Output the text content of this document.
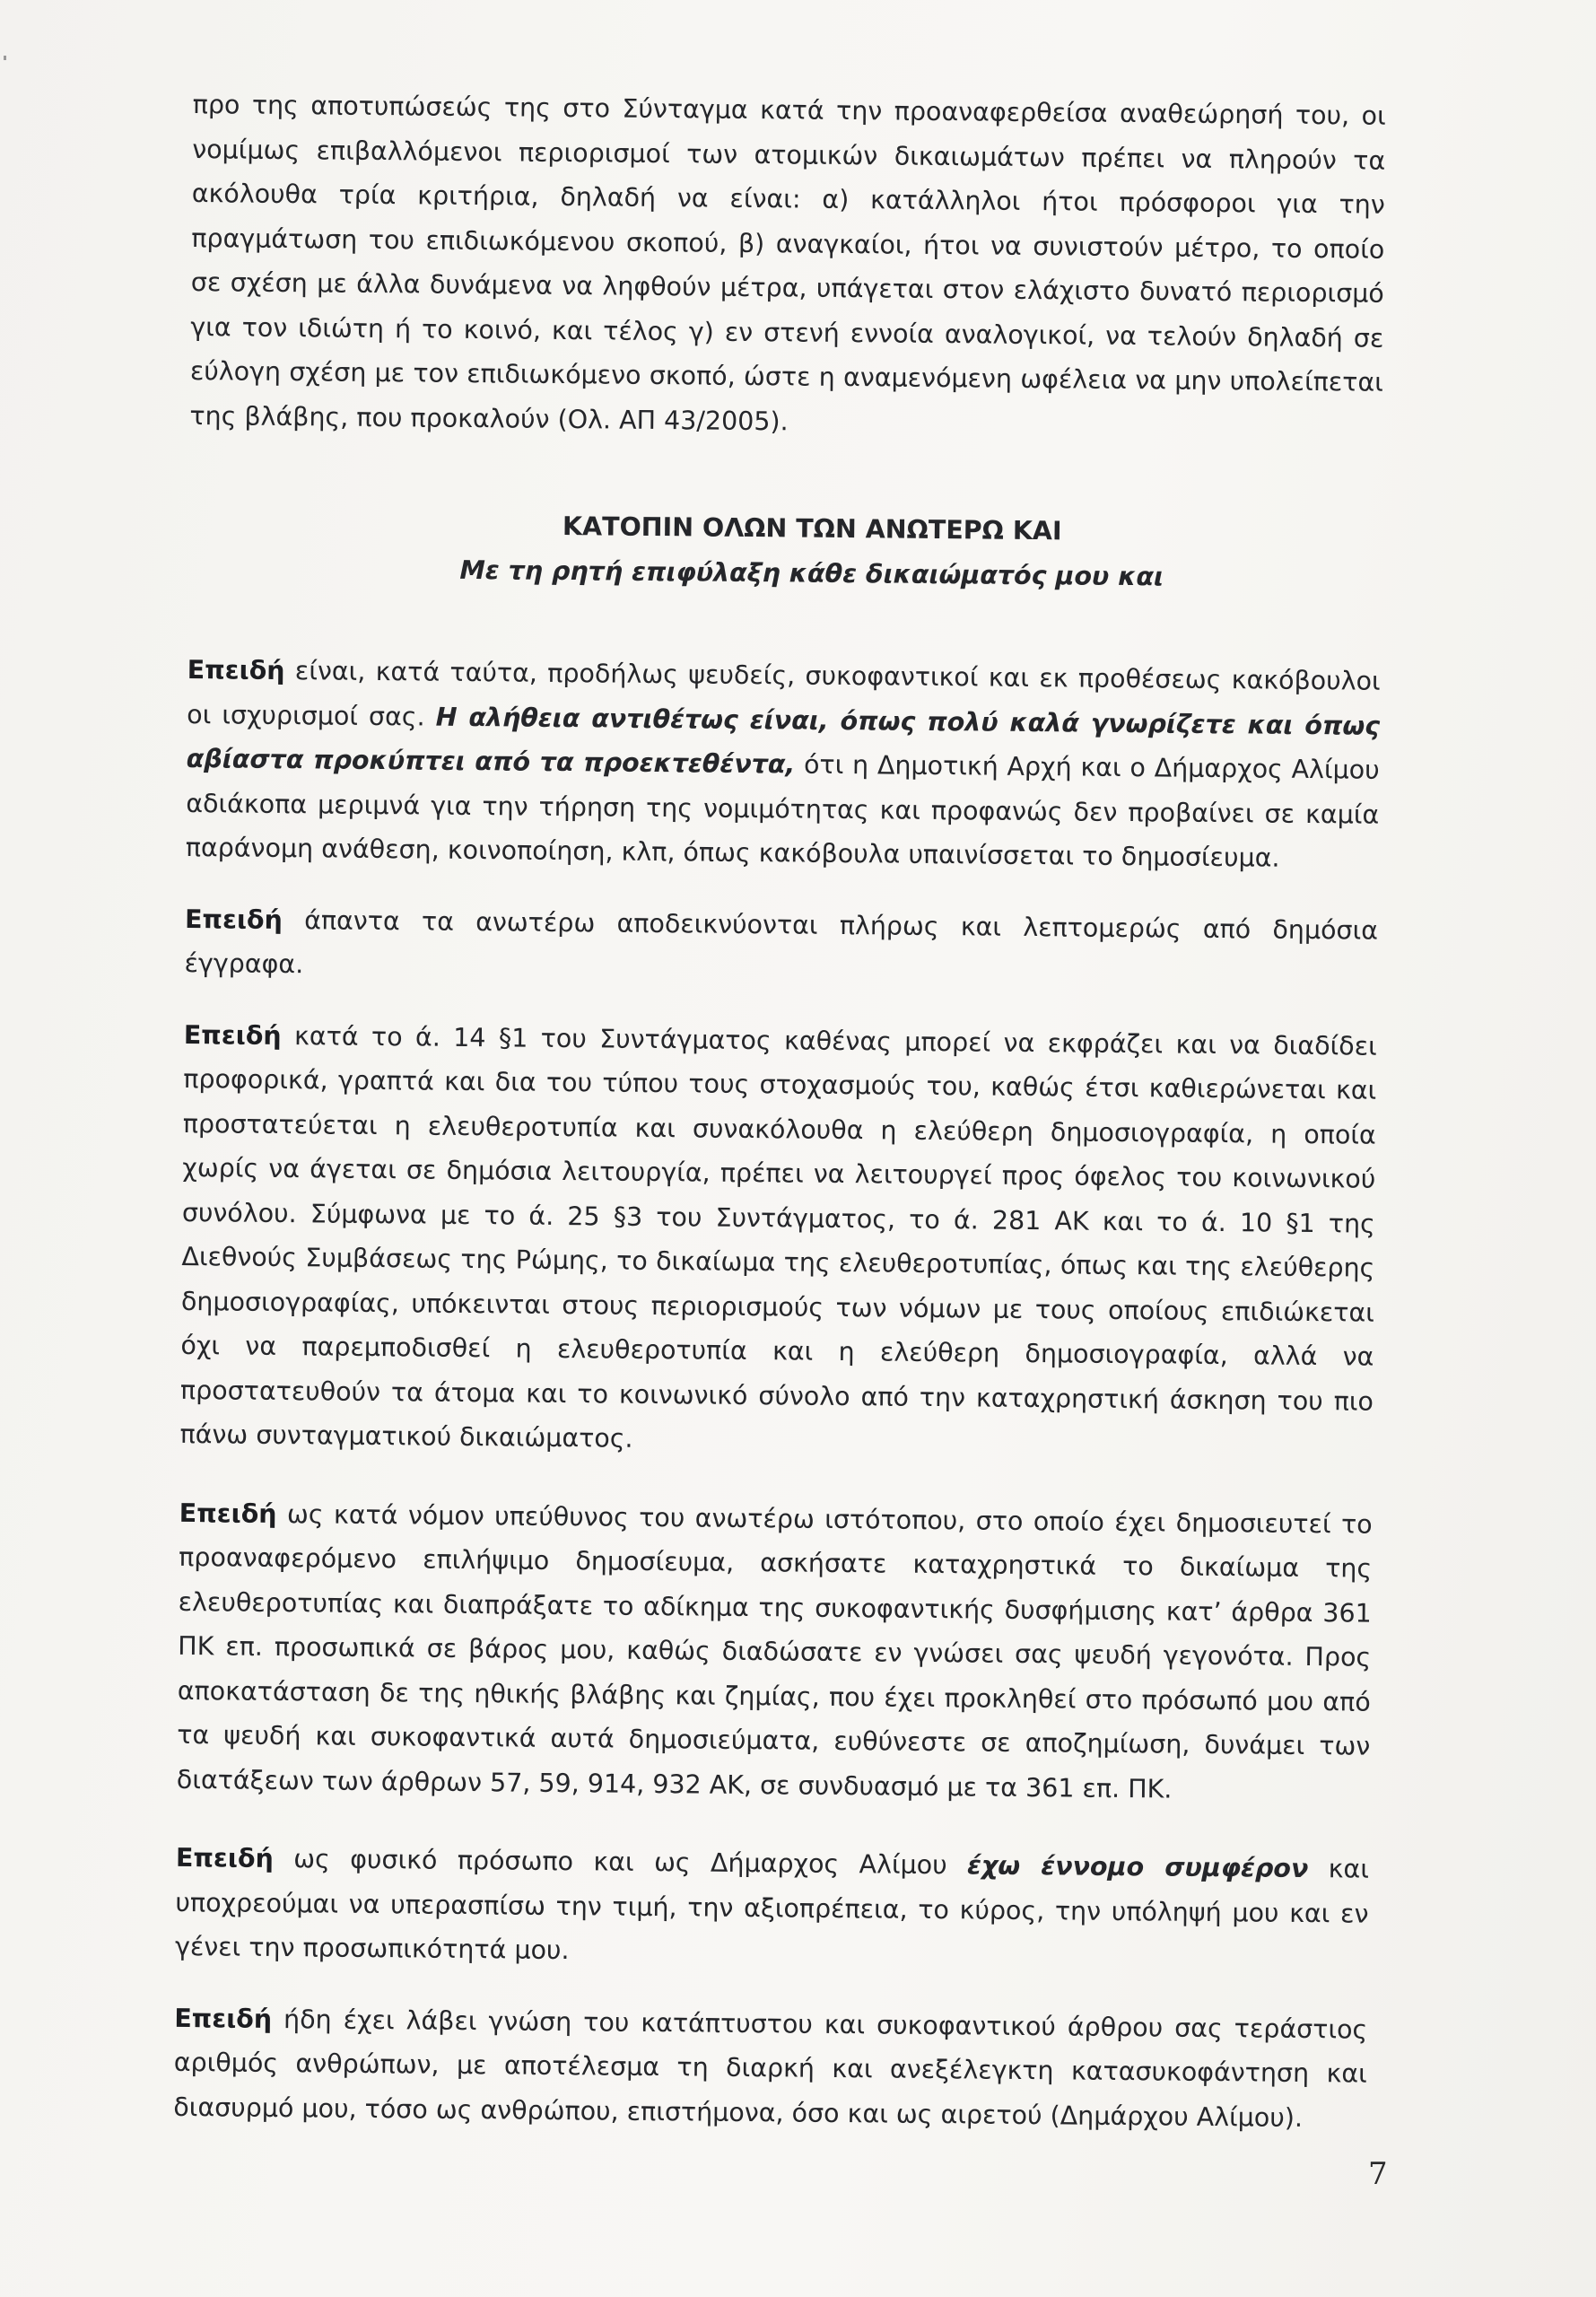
προ της αποτυπώσεώς της στο Σύνταγμα κατά την προαναφερθείσα αναθεώρησή του, οι νομίμως επιβαλλόμενοι περιορισμοί των ατομικών δικαιωμάτων πρέπει να πληρούν τα ακόλουθα τρία κριτήρια, δηλαδή να είναι: α) κατάλληλοι ήτοι πρόσφοροι για την πραγμάτωση του επιδιωκόμενου σκοπού, β) αναγκαίοι, ήτοι να συνιστούν μέτρο, το οποίο σε σχέση με άλλα δυνάμενα να ληφθούν μέτρα, υπάγεται στον ελάχιστο δυνατό περιορισμό για τον ιδιώτη ή το κοινό, και τέλος γ) εν στενή εννοία αναλογικοί, να τελούν δηλαδή σε εύλογη σχέση με τον επιδιωκόμενο σκοπό, ώστε η αναμενόμενη ωφέλεια να μην υπολείπεται της βλάβης, που προκαλούν (Ολ. ΑΠ 43/2005).

ΚΑΤΟΠΙΝ ΟΛΩΝ ΤΩΝ ΑΝΩΤΕΡΩ ΚΑΙ
Με τη ρητή επιφύλαξη κάθε δικαιώματός μου και

Επειδή είναι, κατά ταύτα, προδήλως ψευδείς, συκοφαντικοί και εκ προθέσεως κακόβουλοι οι ισχυρισμοί σας. Η αλήθεια αντιθέτως είναι, όπως πολύ καλά γνωρίζετε και όπως αβίαστα προκύπτει από τα προεκτεθέντα, ότι η Δημοτική Αρχή και ο Δήμαρχος Αλίμου αδιάκοπα μεριμνά για την τήρηση της νομιμότητας και προφανώς δεν προβαίνει σε καμία παράνομη ανάθεση, κοινοποίηση, κλπ, όπως κακόβουλα υπαινίσσεται το δημοσίευμα.

Επειδή άπαντα τα ανωτέρω αποδεικνύονται πλήρως και λεπτομερώς από δημόσια έγγραφα.

Επειδή κατά το ά. 14 §1 του Συντάγματος καθένας μπορεί να εκφράζει και να διαδίδει προφορικά, γραπτά και δια του τύπου τους στοχασμούς του, καθώς έτσι καθιερώνεται και προστατεύεται η ελευθεροτυπία και συνακόλουθα η ελεύθερη δημοσιογραφία, η οποία χωρίς να άγεται σε δημόσια λειτουργία, πρέπει να λειτουργεί προς όφελος του κοινωνικού συνόλου. Σύμφωνα με το ά. 25 §3 του Συντάγματος, το ά. 281 ΑΚ και το ά. 10 §1 της Διεθνούς Συμβάσεως της Ρώμης, το δικαίωμα της ελευθεροτυπίας, όπως και της ελεύθερης δημοσιογραφίας, υπόκεινται στους περιορισμούς των νόμων με τους οποίους επιδιώκεται όχι να παρεμποδισθεί η ελευθεροτυπία και η ελεύθερη δημοσιογραφία, αλλά να προστατευθούν τα άτομα και το κοινωνικό σύνολο από την καταχρηστική άσκηση του πιο πάνω συνταγματικού δικαιώματος.

Επειδή ως κατά νόμον υπεύθυνος του ανωτέρω ιστότοπου, στο οποίο έχει δημοσιευτεί το προαναφερόμενο επιλήψιμο δημοσίευμα, ασκήσατε καταχρηστικά το δικαίωμα της ελευθεροτυπίας και διαπράξατε το αδίκημα της συκοφαντικής δυσφήμισης κατ’ άρθρα 361 ΠΚ επ. προσωπικά σε βάρος μου, καθώς διαδώσατε εν γνώσει σας ψευδή γεγονότα. Προς αποκατάσταση δε της ηθικής βλάβης και ζημίας, που έχει προκληθεί στο πρόσωπό μου από τα ψευδή και συκοφαντικά αυτά δημοσιεύματα, ευθύνεστε σε αποζημίωση, δυνάμει των διατάξεων των άρθρων 57, 59, 914, 932 ΑΚ, σε συνδυασμό με τα 361 επ. ΠΚ.

Επειδή ως φυσικό πρόσωπο και ως Δήμαρχος Αλίμου έχω έννομο συμφέρον και υποχρεούμαι να υπερασπίσω την τιμή, την αξιοπρέπεια, το κύρος, την υπόληψή μου και εν γένει την προσωπικότητά μου.

Επειδή ήδη έχει λάβει γνώση του κατάπτυστου και συκοφαντικού άρθρου σας τεράστιος αριθμός ανθρώπων, με αποτέλεσμα τη διαρκή και ανεξέλεγκτη κατασυκοφάντηση και διασυρμό μου, τόσο ως ανθρώπου, επιστήμονα, όσο και ως αιρετού (Δημάρχου Αλίμου).

7
